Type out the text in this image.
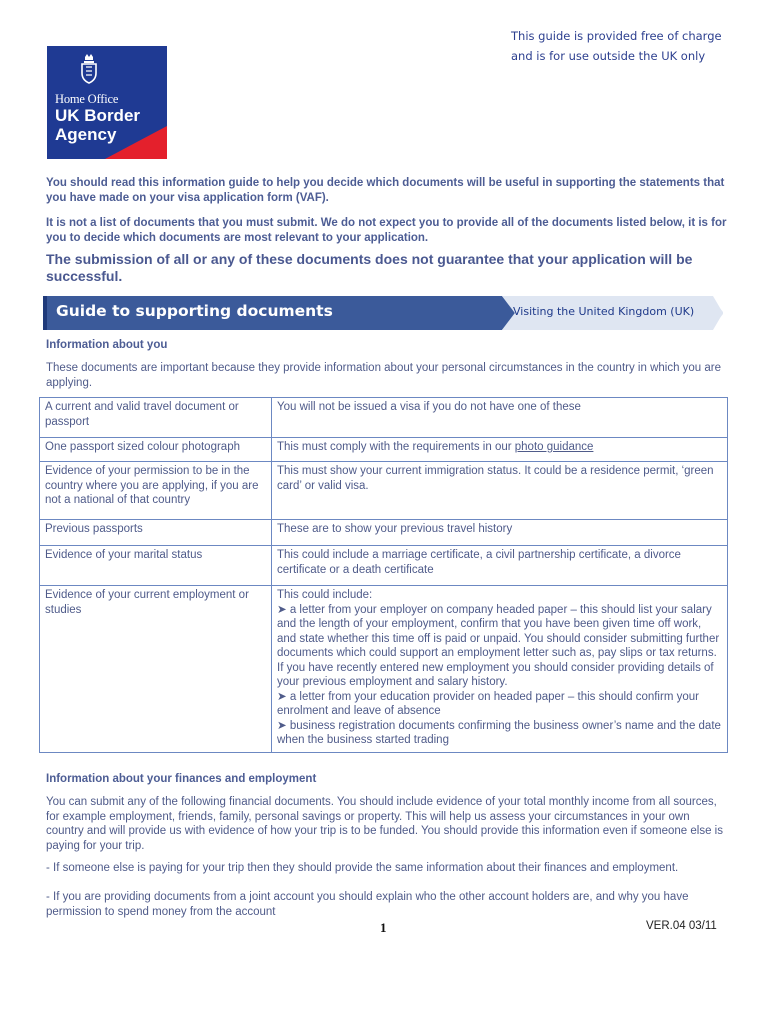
This guide is provided free of charge
and is for use outside the UK only
Home Office
UK Border
Agency
You should read this information guide to help you decide which documents will be useful in supporting the statements that you have made on your visa application form (VAF).
It is not a list of documents that you must submit. We do not expect you to provide all of the documents listed below, it is for you to decide which documents are most relevant to your application.
The submission of all or any of these documents does not guarantee that your application will be successful.
Guide to supporting documents	Visiting the United Kingdom (UK)
Information about you
These documents are important because they provide information about your personal circumstances in the country in which you are applying.
A current and valid travel document or passport	You will not be issued a visa if you do not have one of these
One passport sized colour photograph	This must comply with the requirements in our photo guidance
Evidence of your permission to be in the country where you are applying, if you are not a national of that country	This must show your current immigration status. It could be a residence permit, ‘green card’ or valid visa.
Previous passports	These are to show your previous travel history
Evidence of your marital status	This could include a marriage certificate, a civil partnership certificate, a divorce certificate or a death certificate
Evidence of your current employment or studies	This could include:
➤ a letter from your employer on company headed paper – this should list your salary and the length of your employment, confirm that you have been given time off work, and state whether this time off is paid or unpaid. You should consider submitting further documents which could support an employment letter such as, pay slips or tax returns. If you have recently entered new employment you should consider providing details of your previous employment and salary history.
➤ a letter from your education provider on headed paper – this should confirm your enrolment and leave of absence
➤ business registration documents confirming the business owner’s name and the date when the business started trading
Information about your finances and employment
You can submit any of the following financial documents. You should include evidence of your total monthly income from all sources, for example employment, friends, family, personal savings or property. This will help us assess your circumstances in your own country and will provide us with evidence of how your trip is to be funded. You should provide this information even if someone else is paying for your trip.
- If someone else is paying for your trip then they should provide the same information about their finances and employment.
- If you are providing documents from a joint account you should explain who the other account holders are, and why you have permission to spend money from the account
1	VER.04 03/11
